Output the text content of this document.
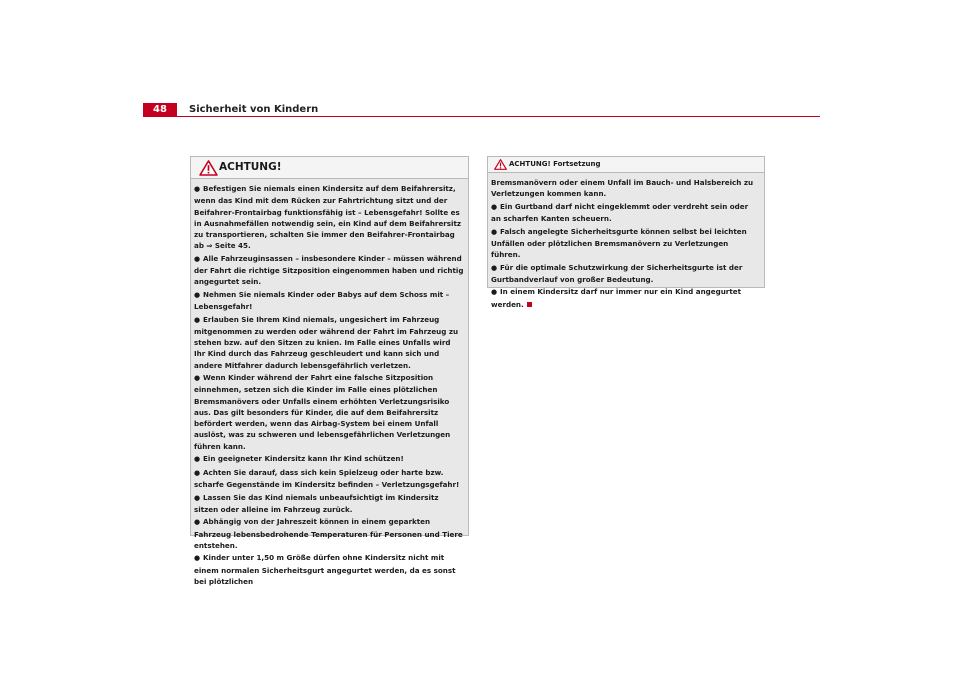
48	Sicherheit von Kindern
ACHTUNG!

● Befestigen Sie niemals einen Kindersitz auf dem Beifahrersitz, wenn das Kind mit dem Rücken zur Fahrtrichtung sitzt und der Beifahrer-Frontairbag funktionsfähig ist – Lebensgefahr! Sollte es in Ausnahmefällen notwendig sein, ein Kind auf dem Beifahrersitz zu transportieren, schalten Sie immer den Beifahrer-Frontairbag ab ⇒ Seite 45.

● Alle Fahrzeuginsassen – insbesondere Kinder – müssen während der Fahrt die richtige Sitzposition eingenommen haben und richtig angegurtet sein.

● Nehmen Sie niemals Kinder oder Babys auf dem Schoss mit – Lebensgefahr!

● Erlauben Sie Ihrem Kind niemals, ungesichert im Fahrzeug mitgenommen zu werden oder während der Fahrt im Fahrzeug zu stehen bzw. auf den Sitzen zu knien. Im Falle eines Unfalls wird Ihr Kind durch das Fahrzeug geschleudert und kann sich und andere Mitfahrer dadurch lebensgefährlich verletzen.

● Wenn Kinder während der Fahrt eine falsche Sitzposition einnehmen, setzen sich die Kinder im Falle eines plötzlichen Bremsmanövers oder Unfalls einem erhöhten Verletzungsrisiko aus. Das gilt besonders für Kinder, die auf dem Beifahrersitz befördert werden, wenn das Airbag-System bei einem Unfall auslöst, was zu schweren und lebensgefährlichen Verletzungen führen kann.

● Ein geeigneter Kindersitz kann Ihr Kind schützen!

● Achten Sie darauf, dass sich kein Spielzeug oder harte bzw. scharfe Gegenstände im Kindersitz befinden – Verletzungsgefahr!

● Lassen Sie das Kind niemals unbeaufsichtigt im Kindersitz sitzen oder alleine im Fahrzeug zurück.

● Abhängig von der Jahreszeit können in einem geparkten Fahrzeug lebensbedrohende Temperaturen für Personen und Tiere entstehen.

● Kinder unter 1,50 m Größe dürfen ohne Kindersitz nicht mit einem normalen Sicherheitsgurt angegurtet werden, da es sonst bei plötzlichen

ACHTUNG! Fortsetzung

Bremsmanövern oder einem Unfall im Bauch- und Halsbereich zu Verletzungen kommen kann.

● Ein Gurtband darf nicht eingeklemmt oder verdreht sein oder an scharfen Kanten scheuern.

● Falsch angelegte Sicherheitsgurte können selbst bei leichten Unfällen oder plötzlichen Bremsmanövern zu Verletzungen führen.

● Für die optimale Schutzwirkung der Sicherheitsgurte ist der Gurtbandverlauf von großer Bedeutung.

● In einem Kindersitz darf nur immer nur ein Kind angegurtet werden.
